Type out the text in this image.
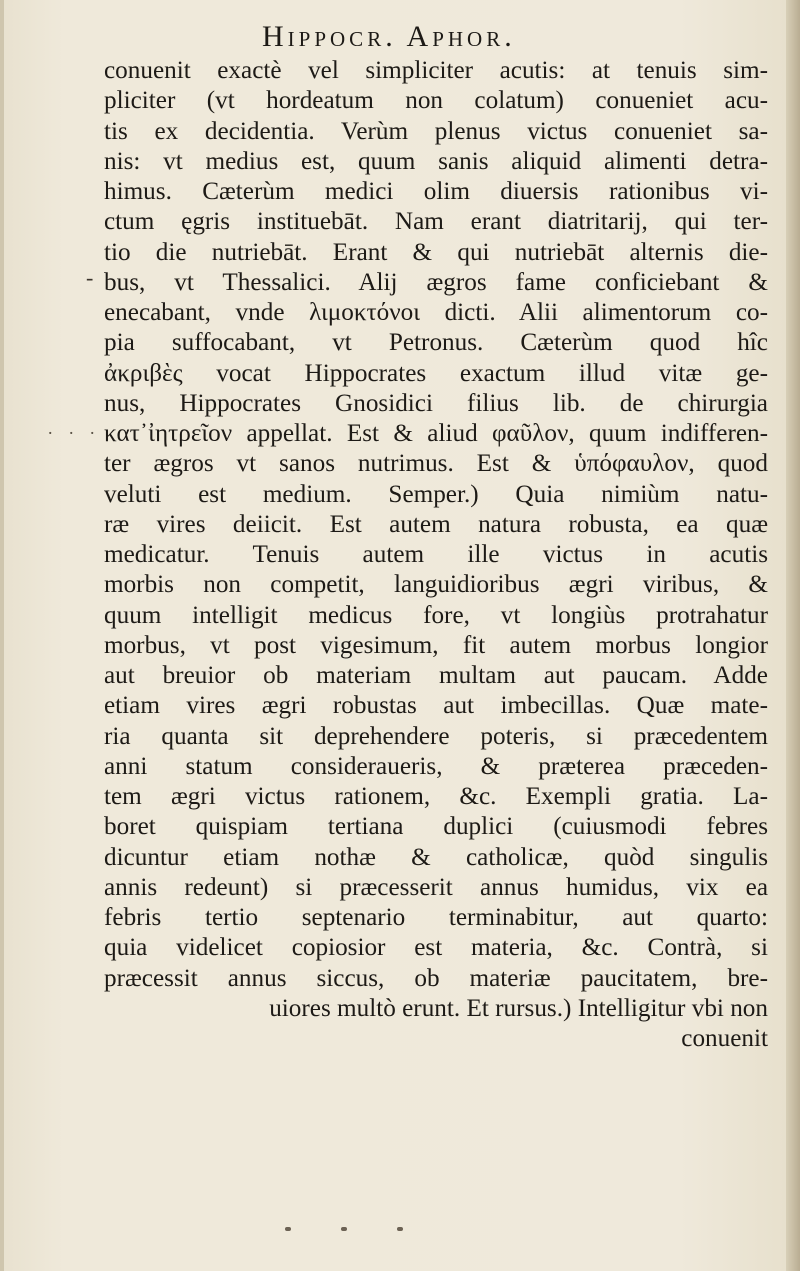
Hippocr. Aphor.
-
. . .
conuenit exactè vel simpliciter acutis: at tenuis sim-
pliciter (vt hordeatum non colatum) conueniet acu-
tis ex decidentia. Verùm plenus victus conueniet sa-
nis: vt medius est, quum sanis aliquid alimenti detra-
himus. Cæterùm medici olim diuersis rationibus vi-
ctum ęgris instituebāt. Nam erant diatritarij, qui ter-
tio die nutriebāt. Erant & qui nutriebāt alternis die-
bus, vt Thessalici. Alij ægros fame conficiebant &
enecabant, vnde λιμοκτόνοι dicti. Alii alimentorum co-
pia suffocabant, vt Petronus. Cæterùm quod hîc
ἀκριβὲς vocat Hippocrates exactum illud vitæ ge-
nus, Hippocrates Gnosidici filius lib. de chirurgia
κατ᾽ἰητρεῖον appellat. Est & aliud φαῦλον, quum indifferen-
ter ægros vt sanos nutrimus. Est & ὑπόφαυλον, quod
veluti est medium. Semper.) Quia nimiùm natu-
ræ vires deiicit. Est autem natura robusta, ea quæ
medicatur. Tenuis autem ille victus in acutis
morbis non competit, languidioribus ægri viribus, &
quum intelligit medicus fore, vt longiùs protrahatur
morbus, vt post vigesimum, fit autem morbus longior
aut breuior ob materiam multam aut paucam. Adde
etiam vires ægri robustas aut imbecillas. Quæ mate-
ria quanta sit deprehendere poteris, si præcedentem
anni statum consideraueris, & præterea præceden-
tem ægri victus rationem, &c. Exempli gratia. La-
boret quispiam tertiana duplici (cuiusmodi febres
dicuntur etiam nothæ & catholicæ, quòd singulis
annis redeunt) si præcesserit annus humidus, vix ea
febris tertio septenario terminabitur, aut quarto:
quia videlicet copiosior est materia, &c. Contrà, si
præcessit annus siccus, ob materiæ paucitatem, bre-
uiores multò erunt. Et rursus.) Intelligitur vbi non
conuenit
